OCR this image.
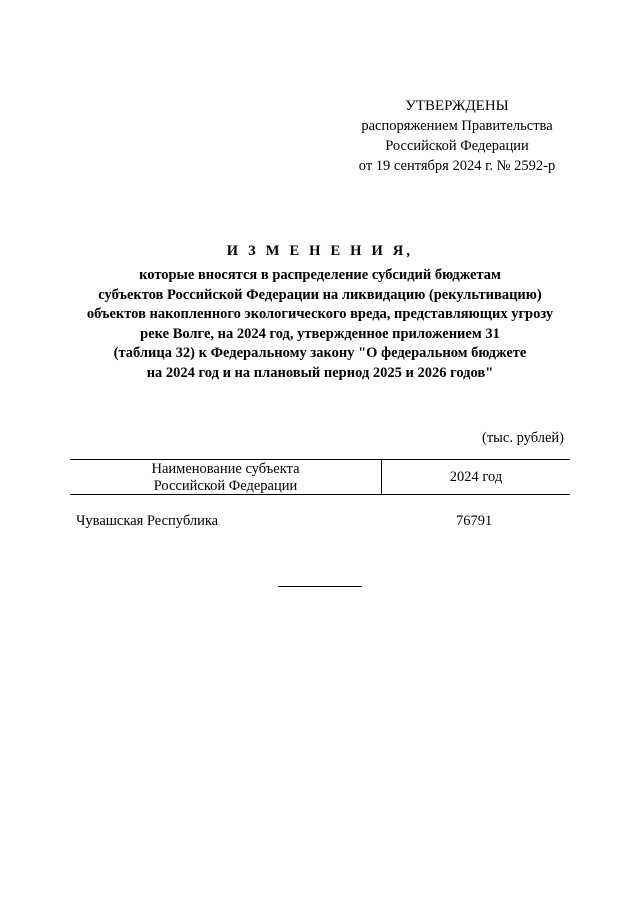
УТВЕРЖДЕНЫ
распоряжением Правительства
Российской Федерации
от 19 сентября 2024 г. № 2592-р
И З М Е Н Е Н И Я,
которые вносятся в распределение субсидий бюджетам
субъектов Российской Федерации на ликвидацию (рекультивацию)
объектов накопленного экологического вреда, представляющих угрозу
реке Волге, на 2024 год, утвержденное приложением 31
(таблица 32) к Федеральному закону "О федеральном бюджете
на 2024 год и на плановый период 2025 и 2026 годов"
(тыс. рублей)
Наименование субъекта
Российской Федерации
2024 год
Чувашская Республика	76791
